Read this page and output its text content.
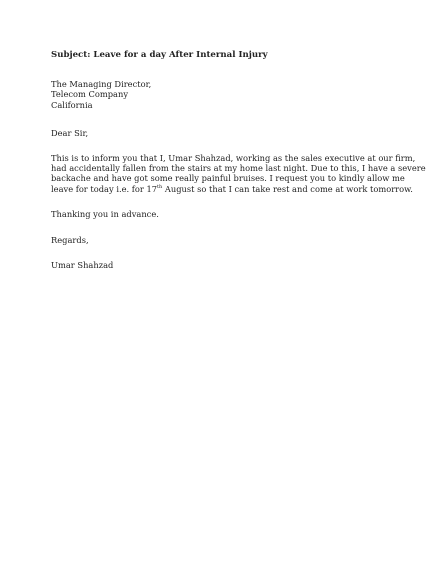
Subject: Leave for a day After Internal Injury

The Managing Director,
Telecom Company
California

Dear Sir,

This is to inform you that I, Umar Shahzad, working as the sales executive at our firm,
had accidentally fallen from the stairs at my home last night. Due to this, I have a severe
backache and have got some really painful bruises. I request you to kindly allow me
leave for today i.e. for 17th August so that I can take rest and come at work tomorrow.

Thanking you in advance.

Regards,

Umar Shahzad
